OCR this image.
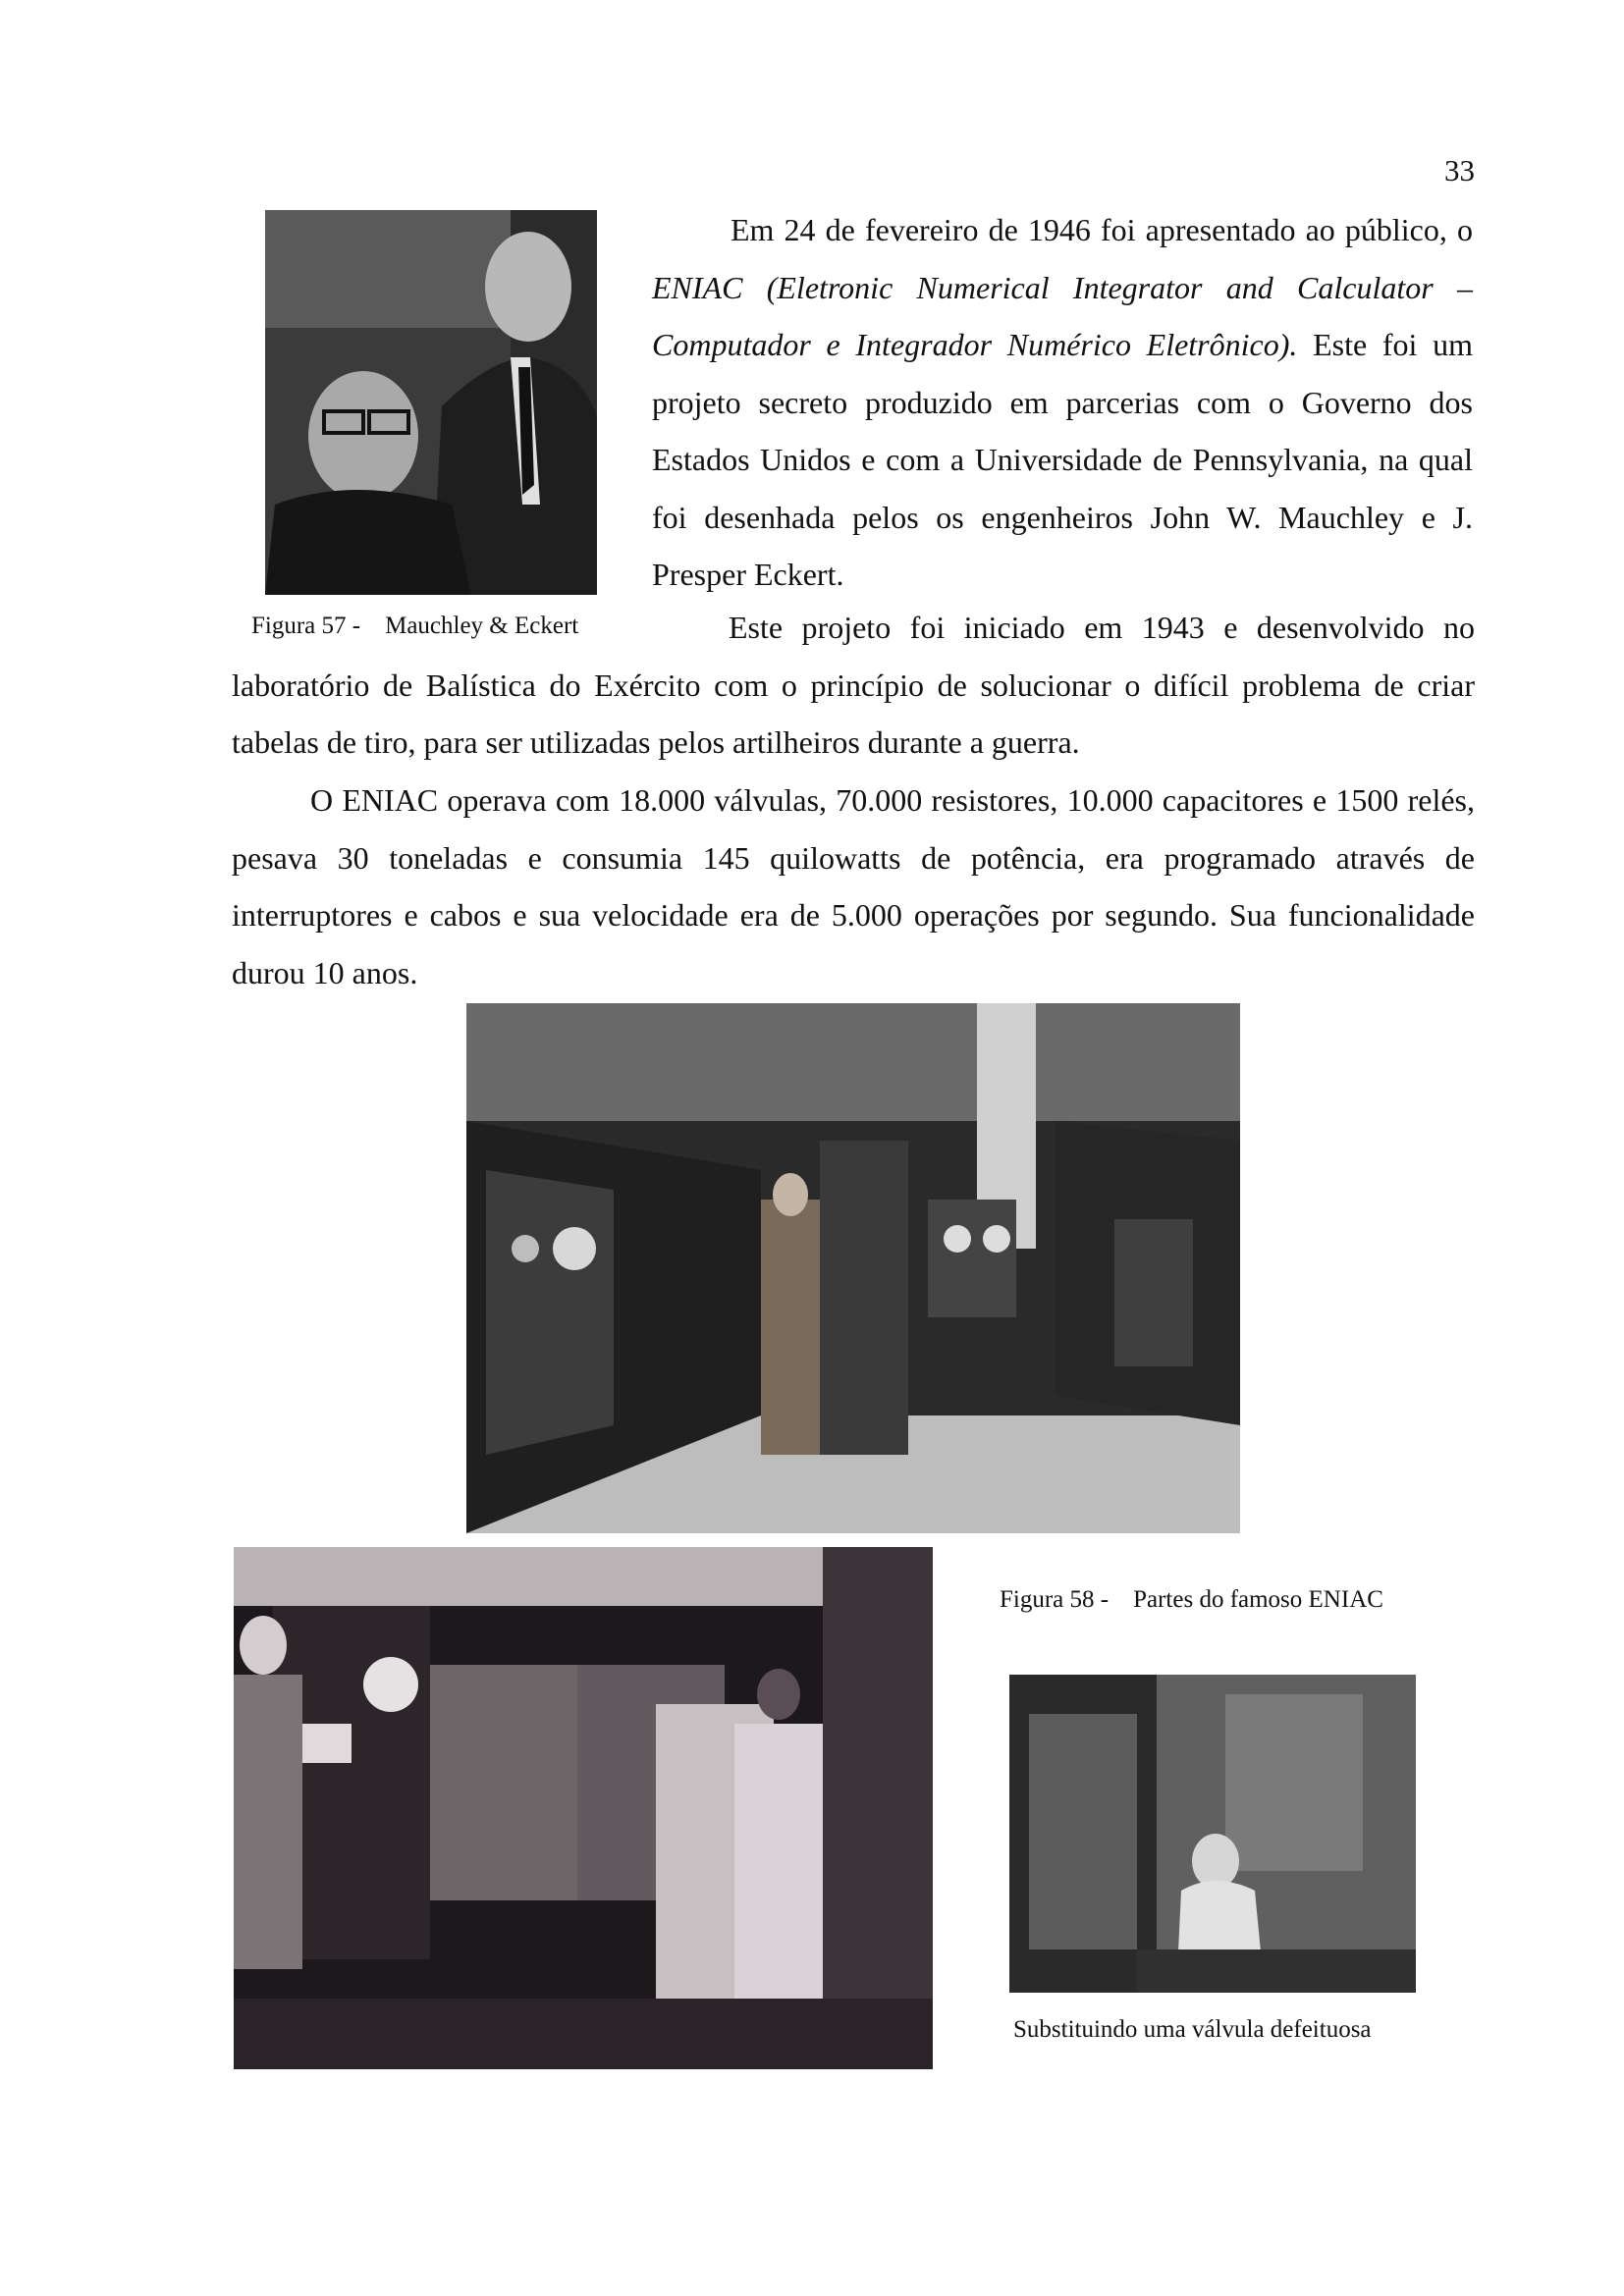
33
Figura 57 -    Mauchley & Eckert

Em 24 de fevereiro de 1946 foi apresentado ao público, o ENIAC (Eletronic Numerical Integrator and Calculator – Computador e Integrador Numérico Eletrônico). Este foi um projeto secreto produzido em parcerias com o Governo dos Estados Unidos e com a Universidade de Pennsylvania, na qual foi desenhada pelos os engenheiros John W. Mauchley e J. Presper Eckert.

Este projeto foi iniciado em 1943 e desenvolvido no laboratório de Balística do Exército com o princípio de solucionar o difícil problema de criar tabelas de tiro, para ser utilizadas pelos artilheiros durante a guerra.

O ENIAC operava com 18.000 válvulas, 70.000 resistores, 10.000 capacitores e 1500 relés, pesava 30 toneladas e consumia 145 quilowatts de potência, era programado através de interruptores e cabos e sua velocidade era de 5.000 operações por segundo. Sua funcionalidade durou 10 anos.

Figura 58 -    Partes do famoso ENIAC
Substituindo uma válvula defeituosa
